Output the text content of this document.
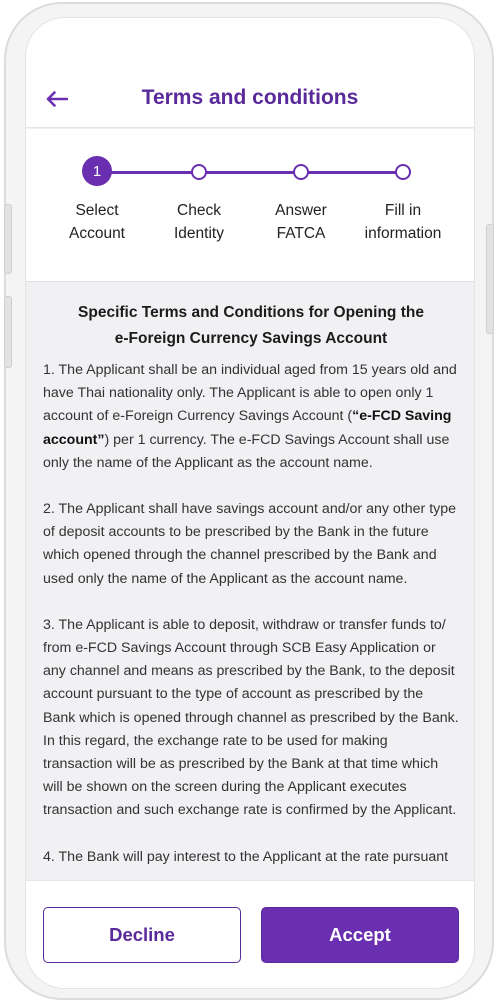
Terms and conditions
1
Select
Account
Check
Identity
Answer
FATCA
Fill in
information
Specific Terms and Conditions for Opening the
e-Foreign Currency Savings Account

1. The Applicant shall be an individual aged from 15 years old and have Thai nationality only. The Applicant is able to open only 1 account of e-Foreign Currency Savings Account (“e-FCD Saving account”) per 1 currency. The e-FCD Savings Account shall use only the name of the Applicant as the account name.

2. The Applicant shall have savings account and/or any other type of deposit accounts to be prescribed by the Bank in the future which opened through the channel prescribed by the Bank and used only the name of the Applicant as the account name.

3. The Applicant is able to deposit, withdraw or transfer funds to/ from e-FCD Savings Account through SCB Easy Application or any channel and means as prescribed by the Bank, to the deposit account pursuant to the type of account as prescribed by the Bank which is opened through channel as prescribed by the Bank. In this regard, the exchange rate to be used for making transaction will be as prescribed by the Bank at that time which will be shown on the screen during the Applicant executes transaction and such exchange rate is confirmed by the Applicant.

4. The Bank will pay interest to the Applicant at the rate pursuant

Decline	Accept
